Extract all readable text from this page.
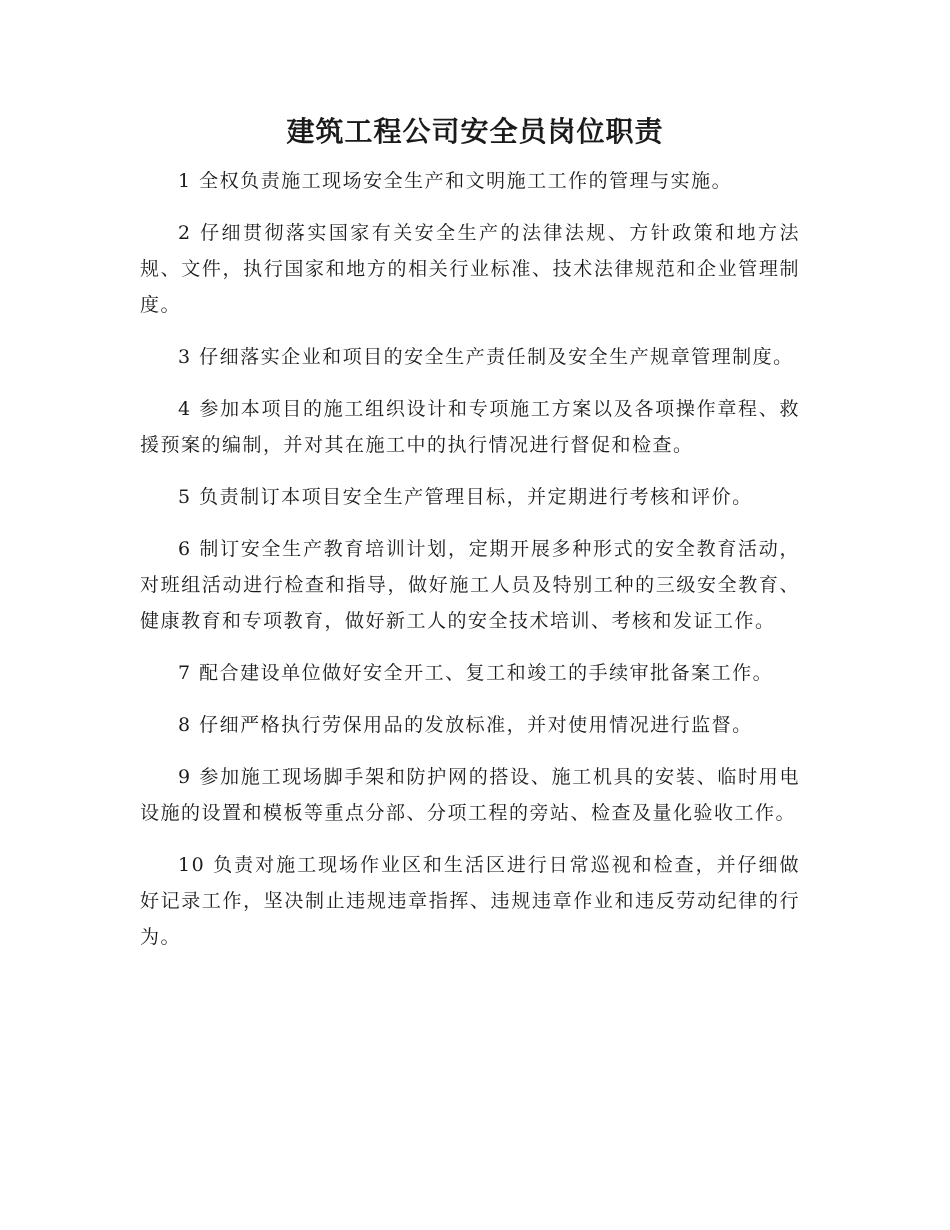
建筑工程公司安全员岗位职责

1 全权负责施工现场安全生产和文明施工工作的管理与实施。

2 仔细贯彻落实国家有关安全生产的法律法规、方针政策和地方法规、文件，执行国家和地方的相关行业标准、技术法律规范和企业管理制度。

3 仔细落实企业和项目的安全生产责任制及安全生产规章管理制度。

4 参加本项目的施工组织设计和专项施工方案以及各项操作章程、救援预案的编制，并对其在施工中的执行情况进行督促和检查。

5 负责制订本项目安全生产管理目标，并定期进行考核和评价。

6 制订安全生产教育培训计划，定期开展多种形式的安全教育活动，对班组活动进行检查和指导，做好施工人员及特别工种的三级安全教育、健康教育和专项教育，做好新工人的安全技术培训、考核和发证工作。

7 配合建设单位做好安全开工、复工和竣工的手续审批备案工作。

8 仔细严格执行劳保用品的发放标准，并对使用情况进行监督。

9 参加施工现场脚手架和防护网的搭设、施工机具的安装、临时用电设施的设置和模板等重点分部、分项工程的旁站、检查及量化验收工作。

10 负责对施工现场作业区和生活区进行日常巡视和检查，并仔细做好记录工作，坚决制止违规违章指挥、违规违章作业和违反劳动纪律的行为。
